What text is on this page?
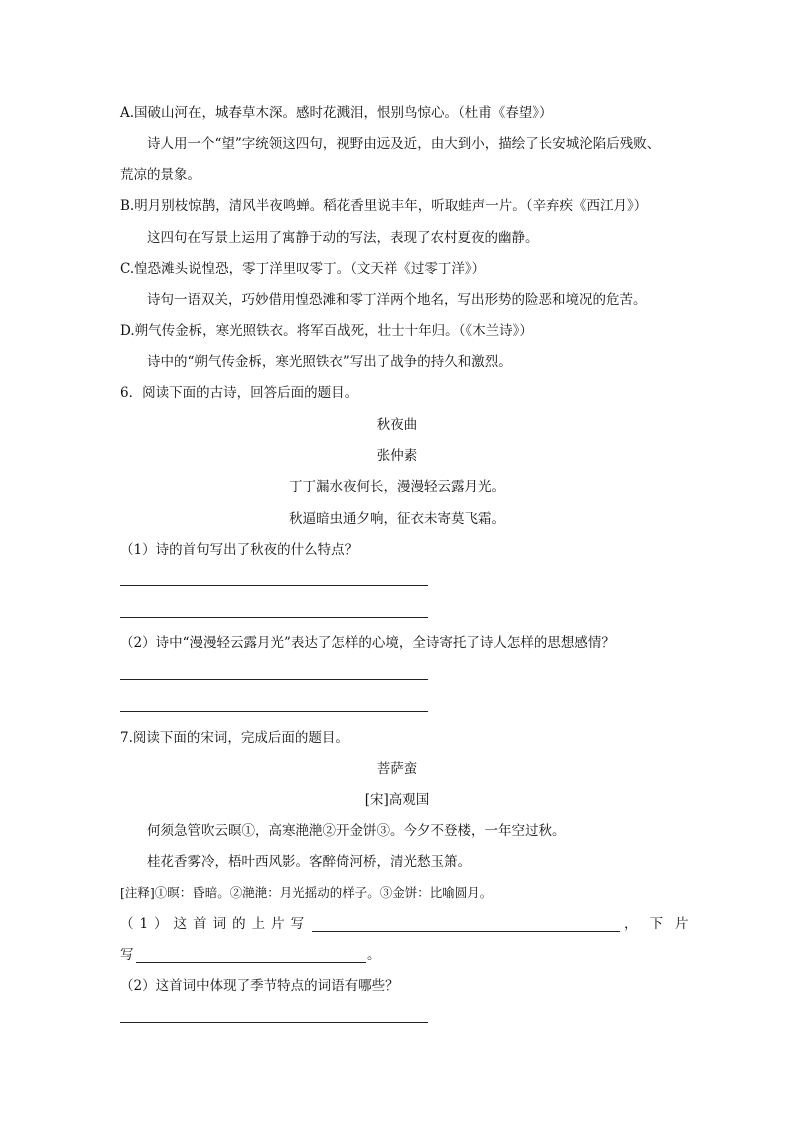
A.国破山河在，城春草木深。感时花溅泪，恨别鸟惊心。（杜甫《春望》）
诗人用一个“望”字统领这四句，视野由远及近，由大到小，描绘了长安城沦陷后残败、
荒凉的景象。
B.明月别枝惊鹊，清风半夜鸣蝉。稻花香里说丰年，听取蛙声一片。（辛弃疾《西江月》）
这四句在写景上运用了寓静于动的写法，表现了农村夏夜的幽静。
C.惶恐滩头说惶恐，零丁洋里叹零丁。（文天祥《过零丁洋》）
诗句一语双关，巧妙借用惶恐滩和零丁洋两个地名，写出形势的险恶和境况的危苦。
D.朔气传金柝，寒光照铁衣。将军百战死，壮士十年归。（《木兰诗》）
诗中的“朔气传金柝，寒光照铁衣”写出了战争的持久和激烈。
6．阅读下面的古诗，回答后面的题目。
秋夜曲
张仲素
丁丁漏水夜何长，漫漫轻云露月光。
秋逼暗虫通夕响，征衣未寄莫飞霜。
（1）诗的首句写出了秋夜的什么特点？
（2）诗中“漫漫轻云露月光”表达了怎样的心境，全诗寄托了诗人怎样的思想感情？
7.阅读下面的宋词，完成后面的题目。
菩萨蛮
[宋]高观国
何须急管吹云暝①，高寒滟滟②开金饼③。今夕不登楼，一年空过秋。
桂花香雾冷，梧叶西风影。客醉倚河桥，清光愁玉箫。
[注释]①暝：昏暗。②滟滟：月光摇动的样子。③金饼：比喻圆月。
（1）这首词的上片写	，下片
写	。
（2）这首词中体现了季节特点的词语有哪些？
